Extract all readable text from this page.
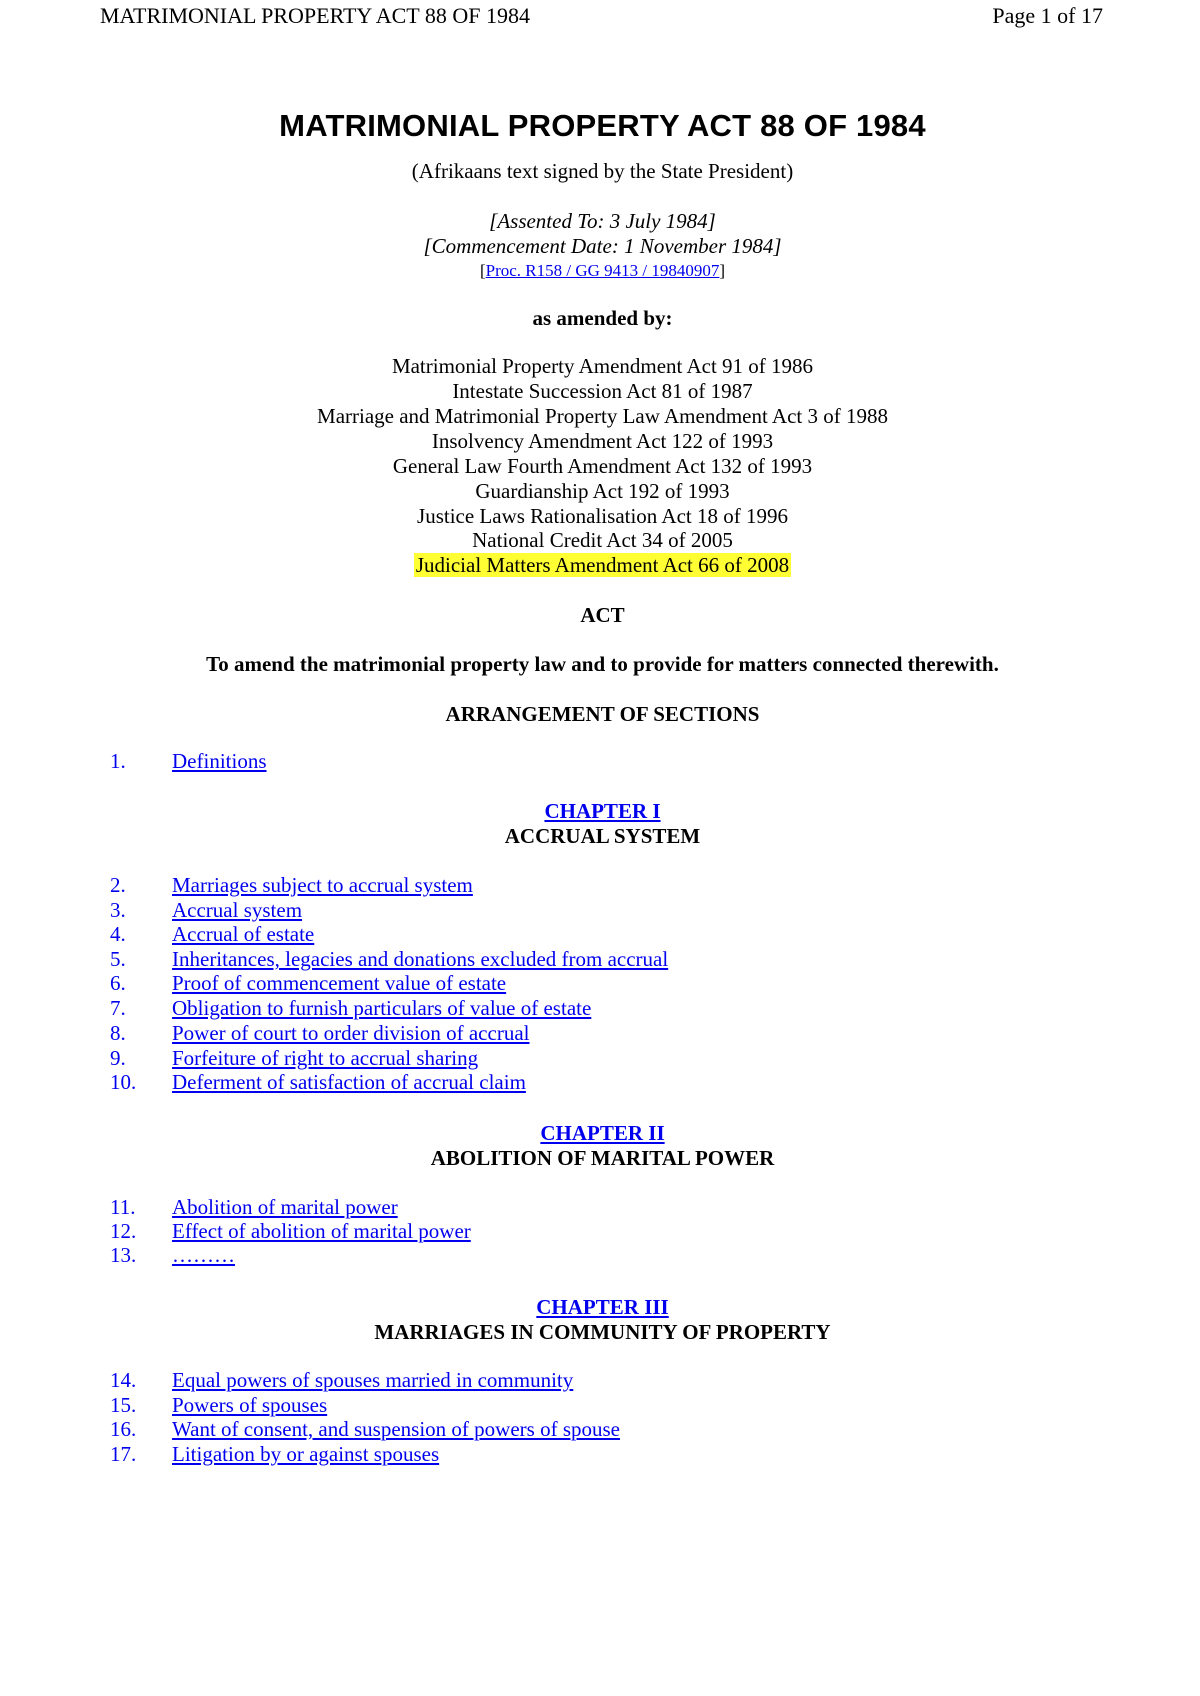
MATRIMONIAL PROPERTY ACT 88 OF 1984	Page 1 of 17
MATRIMONIAL PROPERTY ACT 88 OF 1984
(Afrikaans text signed by the State President)
[Assented To: 3 July 1984]
[Commencement Date: 1 November 1984]
[Proc. R158 / GG 9413 / 19840907]
as amended by:
Matrimonial Property Amendment Act 91 of 1986
Intestate Succession Act 81 of 1987
Marriage and Matrimonial Property Law Amendment Act 3 of 1988
Insolvency Amendment Act 122 of 1993
General Law Fourth Amendment Act 132 of 1993
Guardianship Act 192 of 1993
Justice Laws Rationalisation Act 18 of 1996
National Credit Act 34 of 2005
Judicial Matters Amendment Act 66 of 2008
ACT
To amend the matrimonial property law and to provide for matters connected therewith.
ARRANGEMENT OF SECTIONS
1. Definitions
CHAPTER I
ACCRUAL SYSTEM
2. Marriages subject to accrual system
3. Accrual system
4. Accrual of estate
5. Inheritances, legacies and donations excluded from accrual
6. Proof of commencement value of estate
7. Obligation to furnish particulars of value of estate
8. Power of court to order division of accrual
9. Forfeiture of right to accrual sharing
10. Deferment of satisfaction of accrual claim
CHAPTER II
ABOLITION OF MARITAL POWER
11. Abolition of marital power
12. Effect of abolition of marital power
13. ………
CHAPTER III
MARRIAGES IN COMMUNITY OF PROPERTY
14. Equal powers of spouses married in community
15. Powers of spouses
16. Want of consent, and suspension of powers of spouse
17. Litigation by or against spouses
